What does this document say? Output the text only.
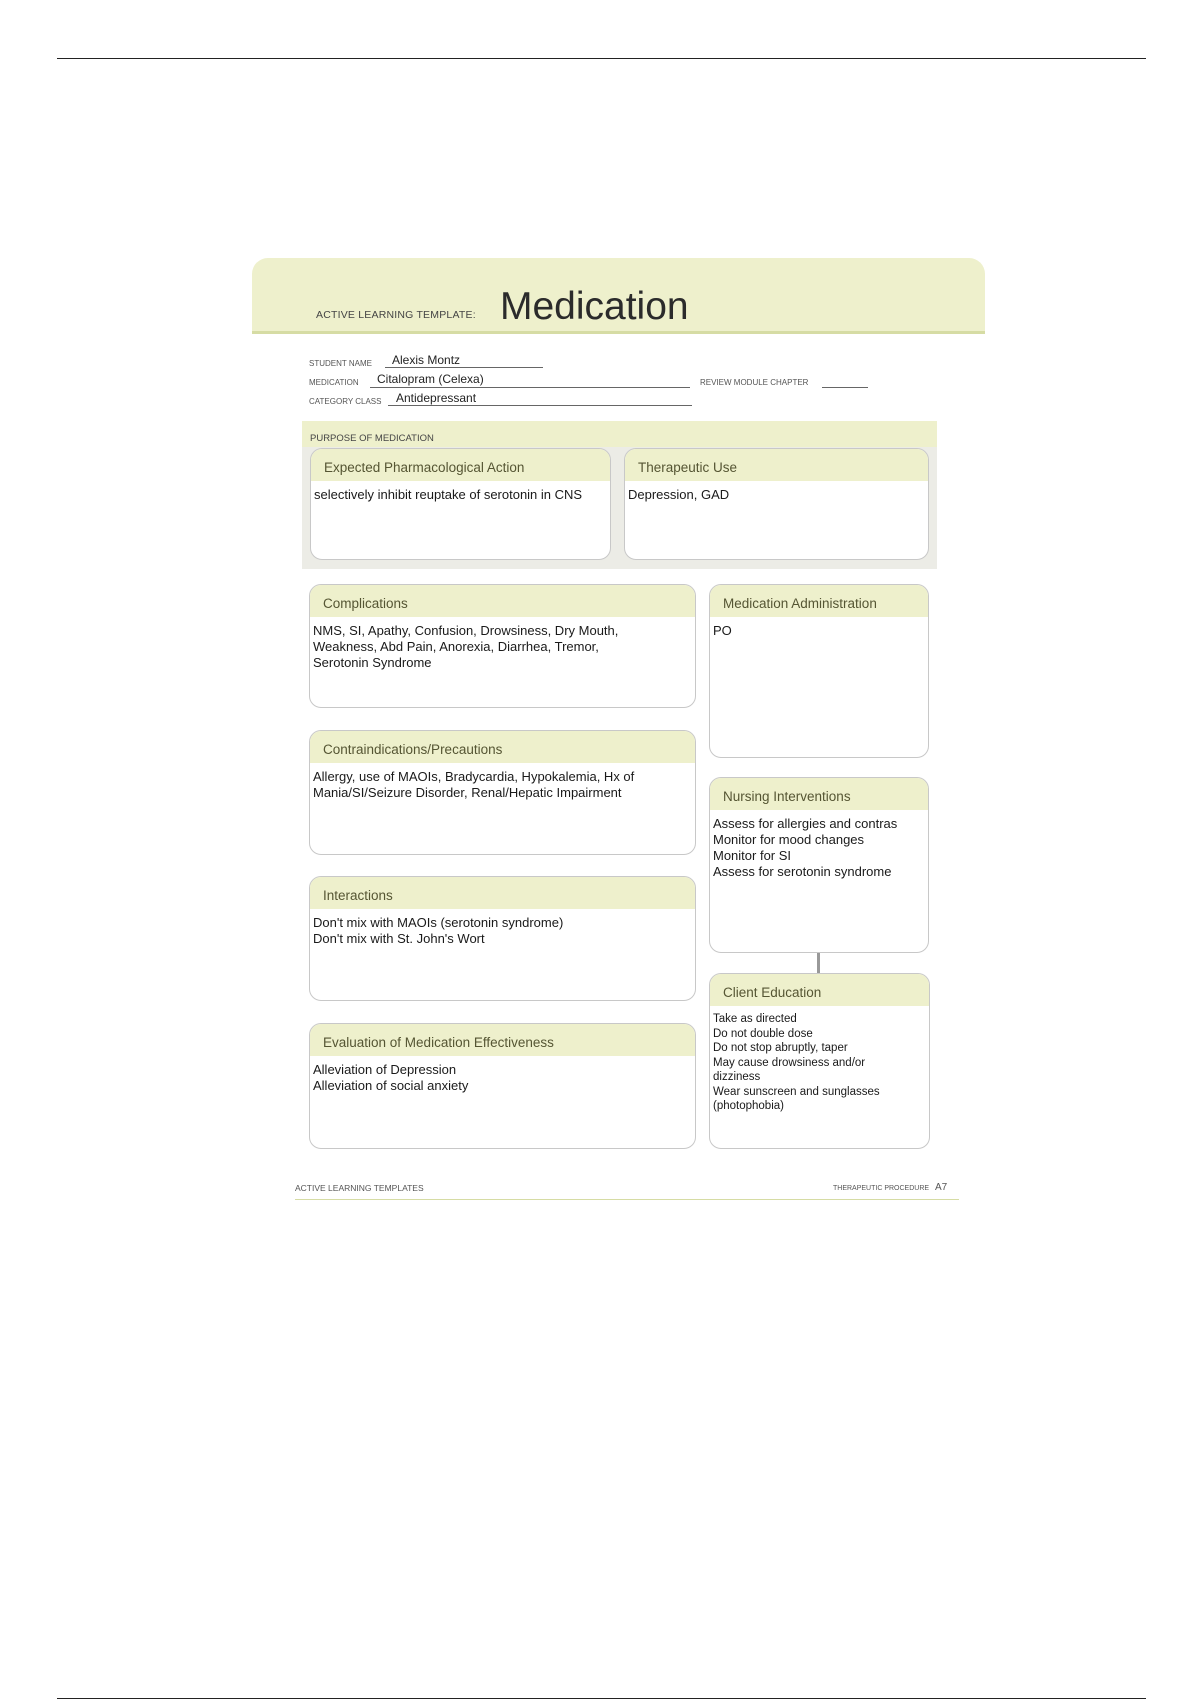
ACTIVE LEARNING TEMPLATE: Medication
STUDENT NAME Alexis Montz
MEDICATION Citalopram (Celexa)	REVIEW MODULE CHAPTER
CATEGORY CLASS Antidepressant
PURPOSE OF MEDICATION
Expected Pharmacological Action
selectively inhibit reuptake of serotonin in CNS
Therapeutic Use
Depression, GAD
Complications
NMS, SI, Apathy, Confusion, Drowsiness, Dry Mouth,
Weakness, Abd Pain, Anorexia, Diarrhea, Tremor,
Serotonin Syndrome
Medication Administration
PO
Contraindications/Precautions
Allergy, use of MAOIs, Bradycardia, Hypokalemia, Hx of
Mania/SI/Seizure Disorder, Renal/Hepatic Impairment	Nursing Interventions
Assess for allergies and contras
Monitor for mood changes
Monitor for SI
Assess for serotonin syndrome
Interactions
Don't mix with MAOIs (serotonin syndrome)
Don't mix with St. John's Wort
Client Education
Take as directed
Do not double dose
Do not stop abruptly, taper
May cause drowsiness and/or
dizziness
Wear sunscreen and sunglasses
(photophobia)
Evaluation of Medication Effectiveness
Alleviation of Depression
Alleviation of social anxiety
ACTIVE LEARNING TEMPLATES	THERAPEUTIC PROCEDURE A7
